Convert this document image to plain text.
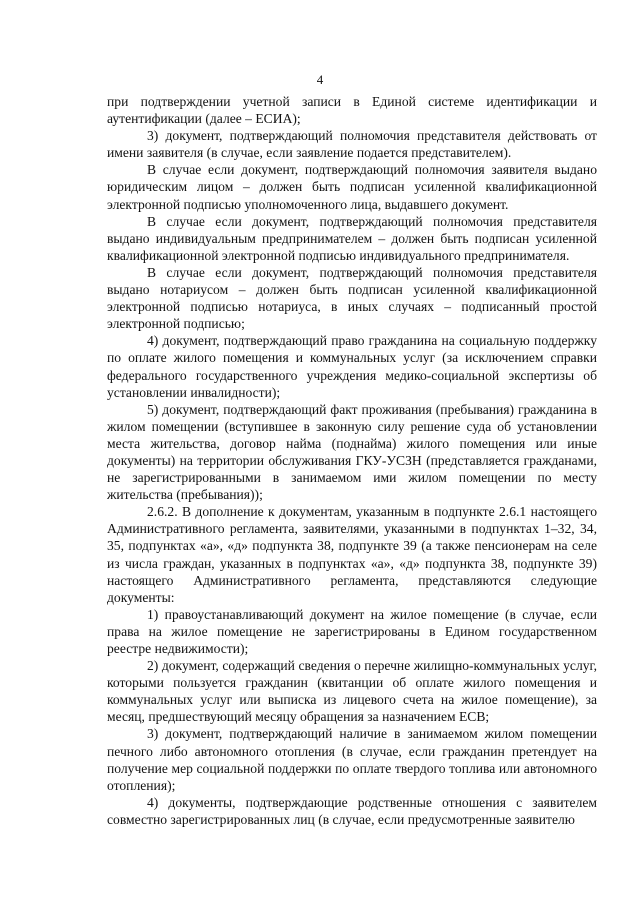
4

при подтверждении учетной записи в Единой системе идентификации и аутентификации (далее – ЕСИА);

3) документ, подтверждающий полномочия представителя действовать от имени заявителя (в случае, если заявление подается представителем).

В случае если документ, подтверждающий полномочия заявителя выдано юридическим лицом – должен быть подписан усиленной квалификационной электронной подписью уполномоченного лица, выдавшего документ.

В случае если документ, подтверждающий полномочия представителя выдано индивидуальным предпринимателем – должен быть подписан усиленной квалификационной электронной подписью индивидуального предпринимателя.

В случае если документ, подтверждающий полномочия представителя выдано нотариусом – должен быть подписан усиленной квалификационной электронной подписью нотариуса, в иных случаях – подписанный простой электронной подписью;

4) документ, подтверждающий право гражданина на социальную поддержку по оплате жилого помещения и коммунальных услуг (за исключением справки федерального государственного учреждения медико-социальной экспертизы об установлении инвалидности);

5) документ, подтверждающий факт проживания (пребывания) гражданина в жилом помещении (вступившее в законную силу решение суда об установлении места жительства, договор найма (поднайма) жилого помещения или иные документы) на территории обслуживания ГКУ-УСЗН (представляется гражданами, не зарегистрированными в занимаемом ими жилом помещении по месту жительства (пребывания));

2.6.2. В дополнение к документам, указанным в подпункте 2.6.1 настоящего Административного регламента, заявителями, указанными в подпунктах 1–32, 34, 35, подпунктах «а», «д» подпункта 38, подпункте 39 (а также пенсионерам на селе из числа граждан, указанных в подпунктах «а», «д» подпункта 38, подпункте 39) настоящего Административного регламента, представляются следующие документы:

1) правоустанавливающий документ на жилое помещение (в случае, если права на жилое помещение не зарегистрированы в Едином государственном реестре недвижимости);

2) документ, содержащий сведения о перечне жилищно-коммунальных услуг, которыми пользуется гражданин (квитанции об оплате жилого помещения и коммунальных услуг или выписка из лицевого счета на жилое помещение), за месяц, предшествующий месяцу обращения за назначением ЕСВ;

3) документ, подтверждающий наличие в занимаемом жилом помещении печного либо автономного отопления (в случае, если гражданин претендует на получение мер социальной поддержки по оплате твердого топлива или автономного отопления);

4) документы, подтверждающие родственные отношения с заявителем совместно зарегистрированных лиц (в случае, если предусмотренные заявителю
